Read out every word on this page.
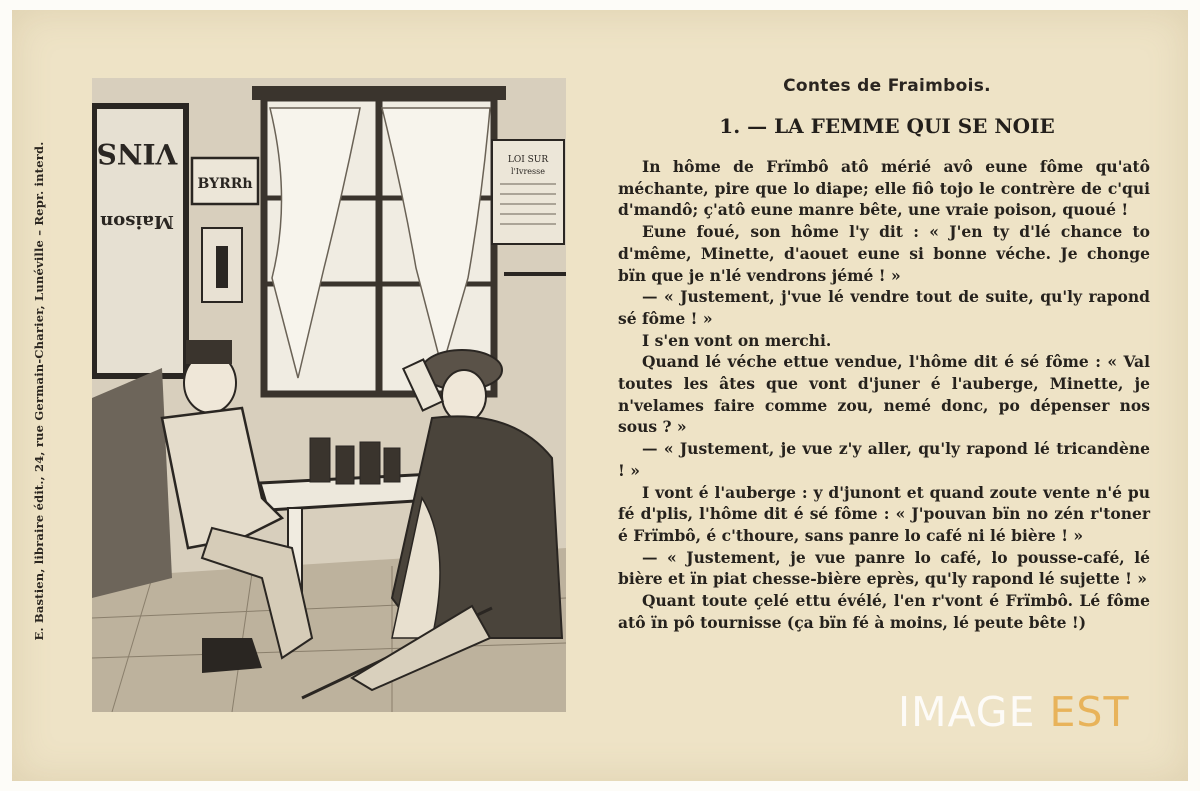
VINS
Maison
BYRRh
LOI SUR
l'Ivresse
E. Bastien, libraire édit., 24, rue Germain-Charier, Lunéville – Repr. interd.
Contes de Fraimbois.
1. — LA FEMME QUI SE NOIE

In hôme de Frïmbô atô mérié avô eune fôme qu'atô méchante, pire que lo diape; elle fiô tojo le contrère de c'qui d'mandô; ç'atô eune manre bête, une vraie poison, quoué !

Eune foué, son hôme l'y dit : « J'en ty d'lé chance to d'même, Minette, d'aouet eune si bonne véche. Je chonge bïn que je n'lé vendrons jémé ! »

— « Justement, j'vue lé vendre tout de suite, qu'ly rapond sé fôme ! »

I s'en vont on merchi.

Quand lé véche ettue vendue, l'hôme dit é sé fôme : « Val toutes les âtes que vont d'juner é l'auberge, Minette, je n'velames faire comme zou, nemé donc, po dépenser nos sous ? »

— « Justement, je vue z'y aller, qu'ly rapond lé tricandène ! »

I vont é l'auberge : y d'junont et quand zoute vente n'é pu fé d'plis, l'hôme dit é sé fôme : « J'pouvan bïn no zén r'toner é Frïmbô, é c'thoure, sans panre lo café ni lé bière ! »

— « Justement, je vue panre lo café, lo pousse-café, lé bière et ïn piat chesse-bière eprès, qu'ly rapond lé sujette ! »

Quant toute çelé ettu évélé, l'en r'vont é Frïmbô. Lé fôme atô ïn pô tournisse (ça bïn fé à moins, lé peute bête !)

IMAGE EST
